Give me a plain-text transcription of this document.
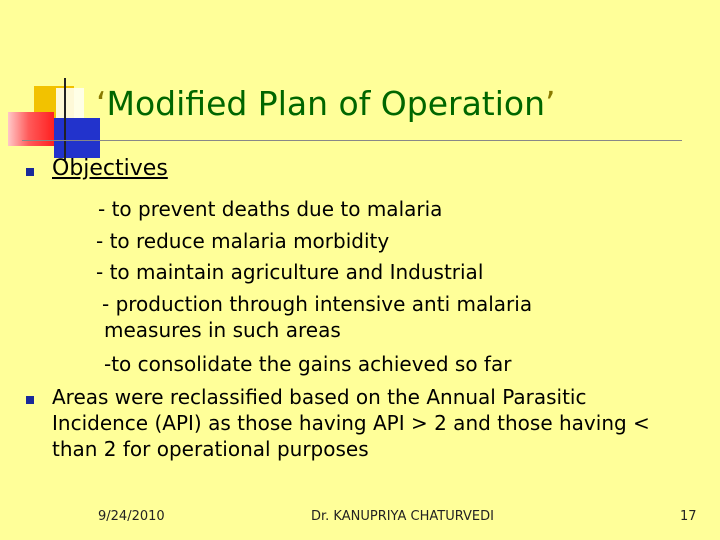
‘Modified Plan of Operation’
Objectives
- to prevent deaths due to malaria
- to reduce malaria morbidity
- to maintain agriculture and Industrial
- production through intensive anti malaria
measures in such areas
-to consolidate the gains achieved so far
Areas were reclassified based on the Annual Parasitic
Incidence (API) as those having API > 2 and those having <
than 2 for operational purposes
9/24/2010	Dr. KANUPRIYA CHATURVEDI	17
